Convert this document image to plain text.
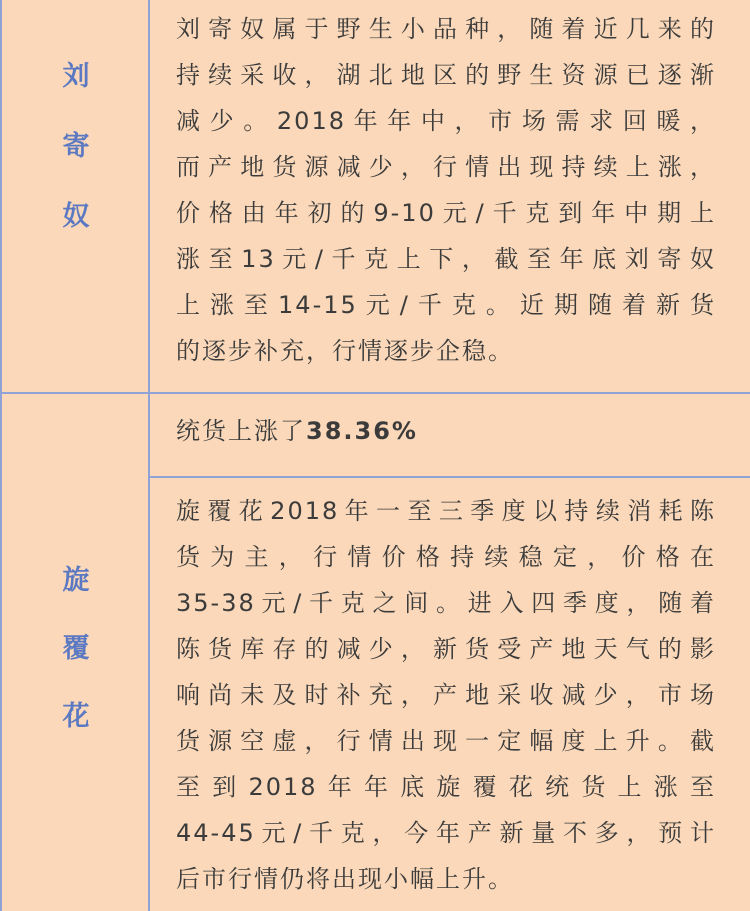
刘
寄
奴

刘寄奴属于野生小品种，随着近几来的
持续采收，湖北地区的野生资源已逐渐
减少。2018年年中，市场需求回暖，
而产地货源减少，行情出现持续上涨，
价格由年初的9-10元/千克到年中期上
涨至13元/千克上下，截至年底刘寄奴
上涨至14-15元/千克。近期随着新货
的逐步补充，行情逐步企稳。

旋
覆
花

统货上涨了38.36%

旋覆花2018年一至三季度以持续消耗陈
货为主，行情价格持续稳定，价格在
35-38元/千克之间。进入四季度，随着
陈货库存的减少，新货受产地天气的影
响尚未及时补充，产地采收减少，市场
货源空虚，行情出现一定幅度上升。截
至到2018年年底旋覆花统货上涨至
44-45元/千克，今年产新量不多，预计
后市行情仍将出现小幅上升。
